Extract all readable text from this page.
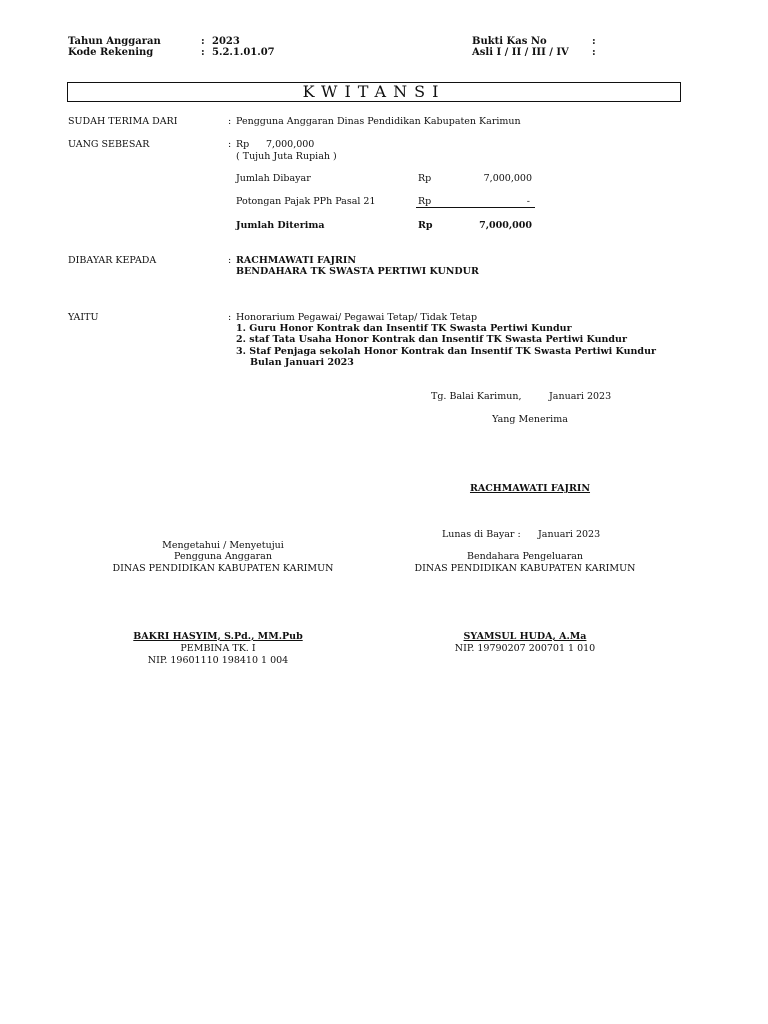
Tahun Anggaran	: 2023
Kode Rekening	: 5.2.1.01.07
Bukti Kas No	:
Asli I / II / III / IV :
KWITANSI
SUDAH TERIMA DARI	: Pengguna Anggaran Dinas Pendidikan Kabupaten Karimun
UANG SEBESAR	: Rp 7,000,000
( Tujuh Juta Rupiah )
Jumlah Dibayar	Rp	7,000,000
Potongan Pajak PPh Pasal 21	Rp	-
Jumlah Diterima	Rp	7,000,000
DIBAYAR KEPADA	: RACHMAWATI FAJRIN
BENDAHARA TK SWASTA PERTIWI KUNDUR
YAITU	: Honorarium Pegawai/ Pegawai Tetap/ Tidak Tetap
1. Guru Honor Kontrak dan Insentif TK Swasta Pertiwi Kundur
2. staf Tata Usaha Honor Kontrak dan Insentif TK Swasta Pertiwi Kundur
3. Staf Penjaga sekolah Honor Kontrak dan Insentif TK Swasta Pertiwi Kundur
Bulan Januari 2023
Tg. Balai Karimun,	Januari 2023
Yang Menerima
RACHMAWATI FAJRIN
Lunas di Bayar : Januari 2023
Mengetahui / Menyetujui
Pengguna Anggaran
DINAS PENDIDIKAN KABUPATEN KARIMUN
BAKRI HASYIM, S.Pd., MM.Pub
PEMBINA TK. I
NIP. 19601110 198410 1 004
Bendahara Pengeluaran
DINAS PENDIDIKAN KABUPATEN KARIMUN
SYAMSUL HUDA, A.Ma
NIP. 19790207 200701 1 010
